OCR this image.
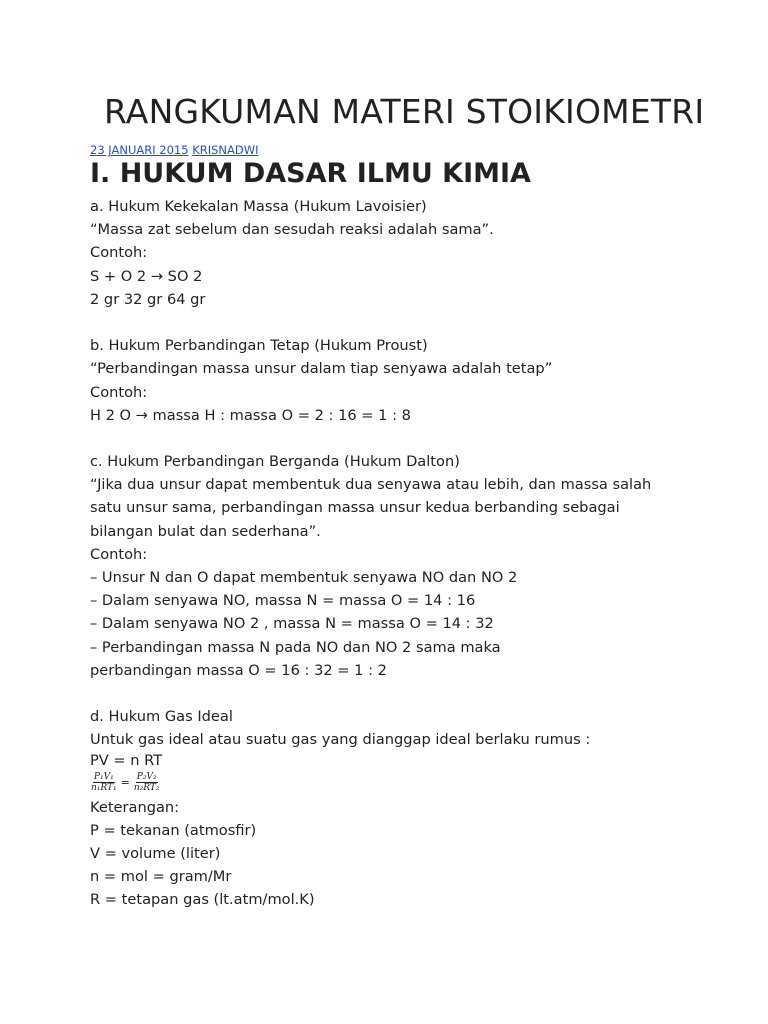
RANGKUMAN MATERI STOIKIOMETRI
23 JANUARI 2015 KRISNADWI
I. HUKUM DASAR ILMU KIMIA
a. Hukum Kekekalan Massa (Hukum Lavoisier)
“Massa zat sebelum dan sesudah reaksi adalah sama”.
Contoh:
S + O 2 → SO 2
2 gr 32 gr 64 gr
b. Hukum Perbandingan Tetap (Hukum Proust)
“Perbandingan massa unsur dalam tiap senyawa adalah tetap”
Contoh:
H 2 O → massa H : massa O = 2 : 16 = 1 : 8
c. Hukum Perbandingan Berganda (Hukum Dalton)
“Jika dua unsur dapat membentuk dua senyawa atau lebih, dan massa salah
satu unsur sama, perbandingan massa unsur kedua berbanding sebagai
bilangan bulat dan sederhana”.
Contoh:
– Unsur N dan O dapat membentuk senyawa NO dan NO 2
– Dalam senyawa NO, massa N = massa O = 14 : 16
– Dalam senyawa NO 2 , massa N = massa O = 14 : 32
– Perbandingan massa N pada NO dan NO 2 sama maka
perbandingan massa O = 16 : 32 = 1 : 2
d. Hukum Gas Ideal
Untuk gas ideal atau suatu gas yang dianggap ideal berlaku rumus :
PV = n RT
$\frac{\text{P₁V₁}}{\text{n₁RT₁}} = \frac{\text{P₂V₂}}{\text{n₂RT₂}}$
Keterangan:
P = tekanan (atmosfir)
V = volume (liter)
n = mol = gram/Mr
R = tetapan gas (lt.atm/mol.K)
